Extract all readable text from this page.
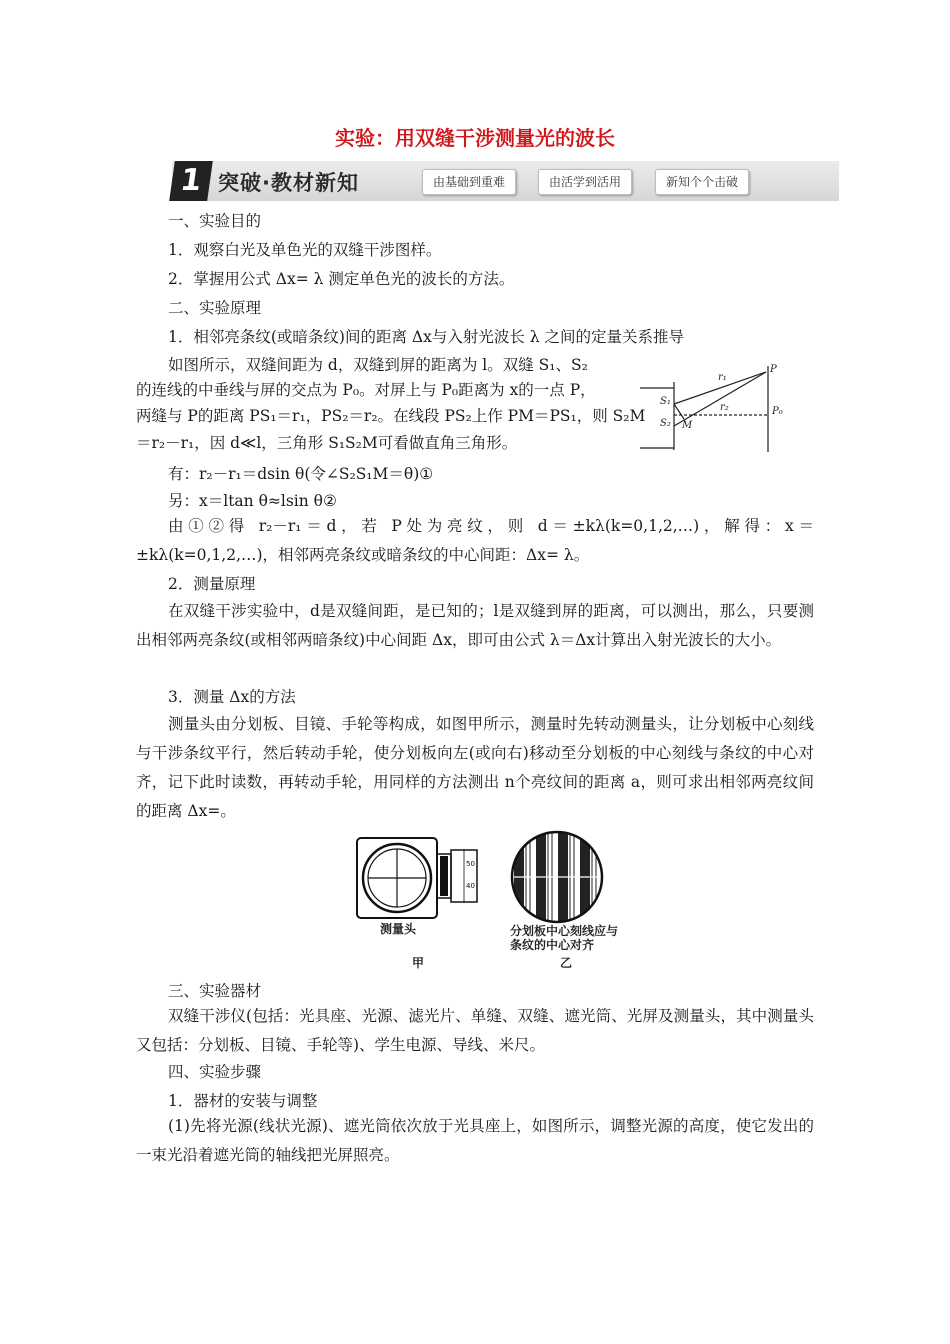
实验：用双缝干涉测量光的波长
1 突破·教材新知	由基础到重难	由活学到活用	新知个个击破
一、实验目的
1．观察白光及单色光的双缝干涉图样。
2．掌握用公式 Δx= λ 测定单色光的波长的方法。
二、实验原理
1．相邻亮条纹(或暗条纹)间的距离 Δx与入射光波长 λ 之间的定量关系推导
如图所示，双缝间距为 d，双缝到屏的距离为 l。双缝 S₁、S₂
的连线的中垂线与屏的交点为 P₀。对屏上与 P₀距离为 x的一点 P，
两缝与 P的距离 PS₁＝r₁，PS₂＝r₂。在线段 PS₂上作 PM＝PS₁，则 S₂M
＝r₂－r₁，因 d≪l，三角形 S₁S₂M可看做直角三角形。
有：r₂－r₁＝dsin θ(令∠S₂S₁M＝θ)①
另：x＝ltan θ≈lsin θ②
P
r₁
r₂	P₀
S₁
S₂ M
由①②得 r₂－r₁＝d，若 P处为亮纹，则 d＝±kλ(k=0,1,2,…)，解得：x＝±kλ(k=0,1,2,…)，相邻两亮条纹或暗条纹的中心间距：Δx= λ。
2．测量原理
在双缝干涉实验中，d是双缝间距，是已知的；l是双缝到屏的距离，可以测出，那么，只要测出相邻两亮条纹(或相邻两暗条纹)中心间距 Δx，即可由公式 λ＝Δx计算出入射光波长的大小。
3．测量 Δx的方法
测量头由分划板、目镜、手轮等构成，如图甲所示，测量时先转动测量头，让分划板中心刻线与干涉条纹平行，然后转动手轮，使分划板向左(或向右)移动至分划板的中心刻线与条纹的中心对齐，记下此时读数，再转动手轮，用同样的方法测出 n个亮纹间的距离 a，则可求出相邻两亮纹间的距离 Δx=。
50
40
测量头	分划板中心刻线应与
条纹的中心对齐
甲	乙
三、实验器材
双缝干涉仪(包括：光具座、光源、滤光片、单缝、双缝、遮光筒、光屏及测量头，其中测量头又包括：分划板、目镜、手轮等)、学生电源、导线、米尺。
四、实验步骤
1．器材的安装与调整
(1)先将光源(线状光源)、遮光筒依次放于光具座上，如图所示，调整光源的高度，使它发出的一束光沿着遮光筒的轴线把光屏照亮。
